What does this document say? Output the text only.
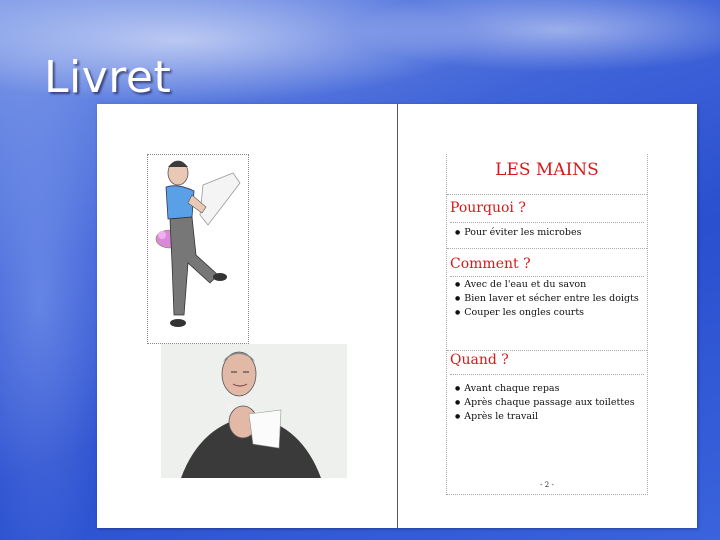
Livret
LES MAINS
Pourquoi ?
● Pour éviter les microbes
Comment ?
● Avec de l'eau et du savon
● Bien laver et sécher entre les doigts
● Couper les ongles courts
Quand ?
● Avant chaque repas
● Après chaque passage aux toilettes
● Après le travail
- 2 -
